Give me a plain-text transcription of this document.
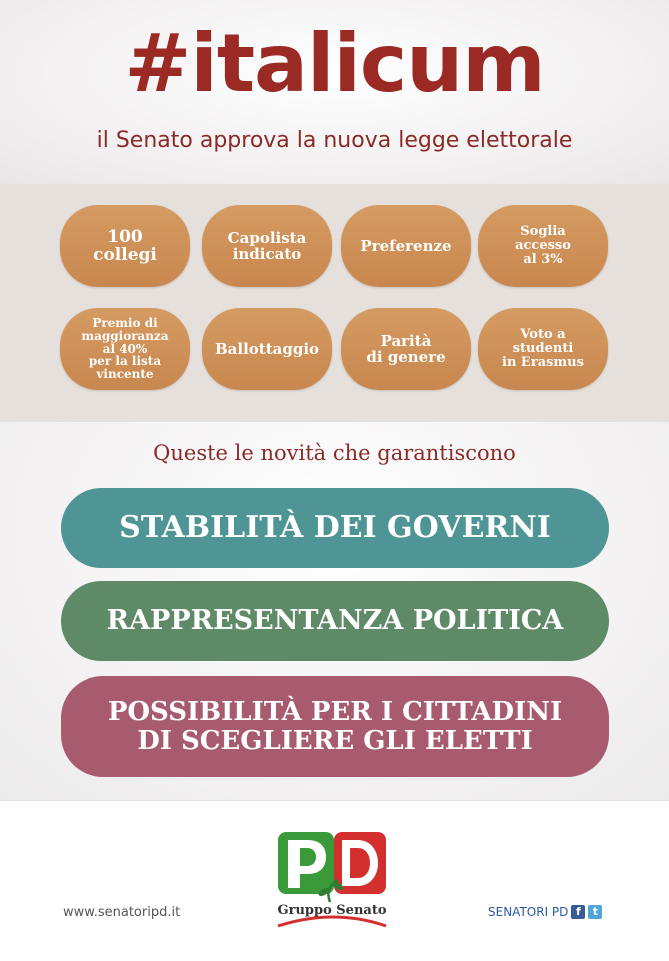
#italicum
il Senato approva la nuova legge elettorale
100
collegi
Capolista
indicato	Preferenze
Soglia
accesso
al 3%
Premio di
maggioranza al 40%
per la lista vincente
Ballottaggio	Parità
di genere
Voto a studenti
in Erasmus
Queste le novità che garantiscono
STABILITÀ DEI GOVERNI
RAPPRESENTANZA POLITICA
POSSIBILITÀ PER I CITTADINI
DI SCEGLIERE GLI ELETTI
www.senatoripd.it	Gruppo Senato	SENATORI PD f	t
